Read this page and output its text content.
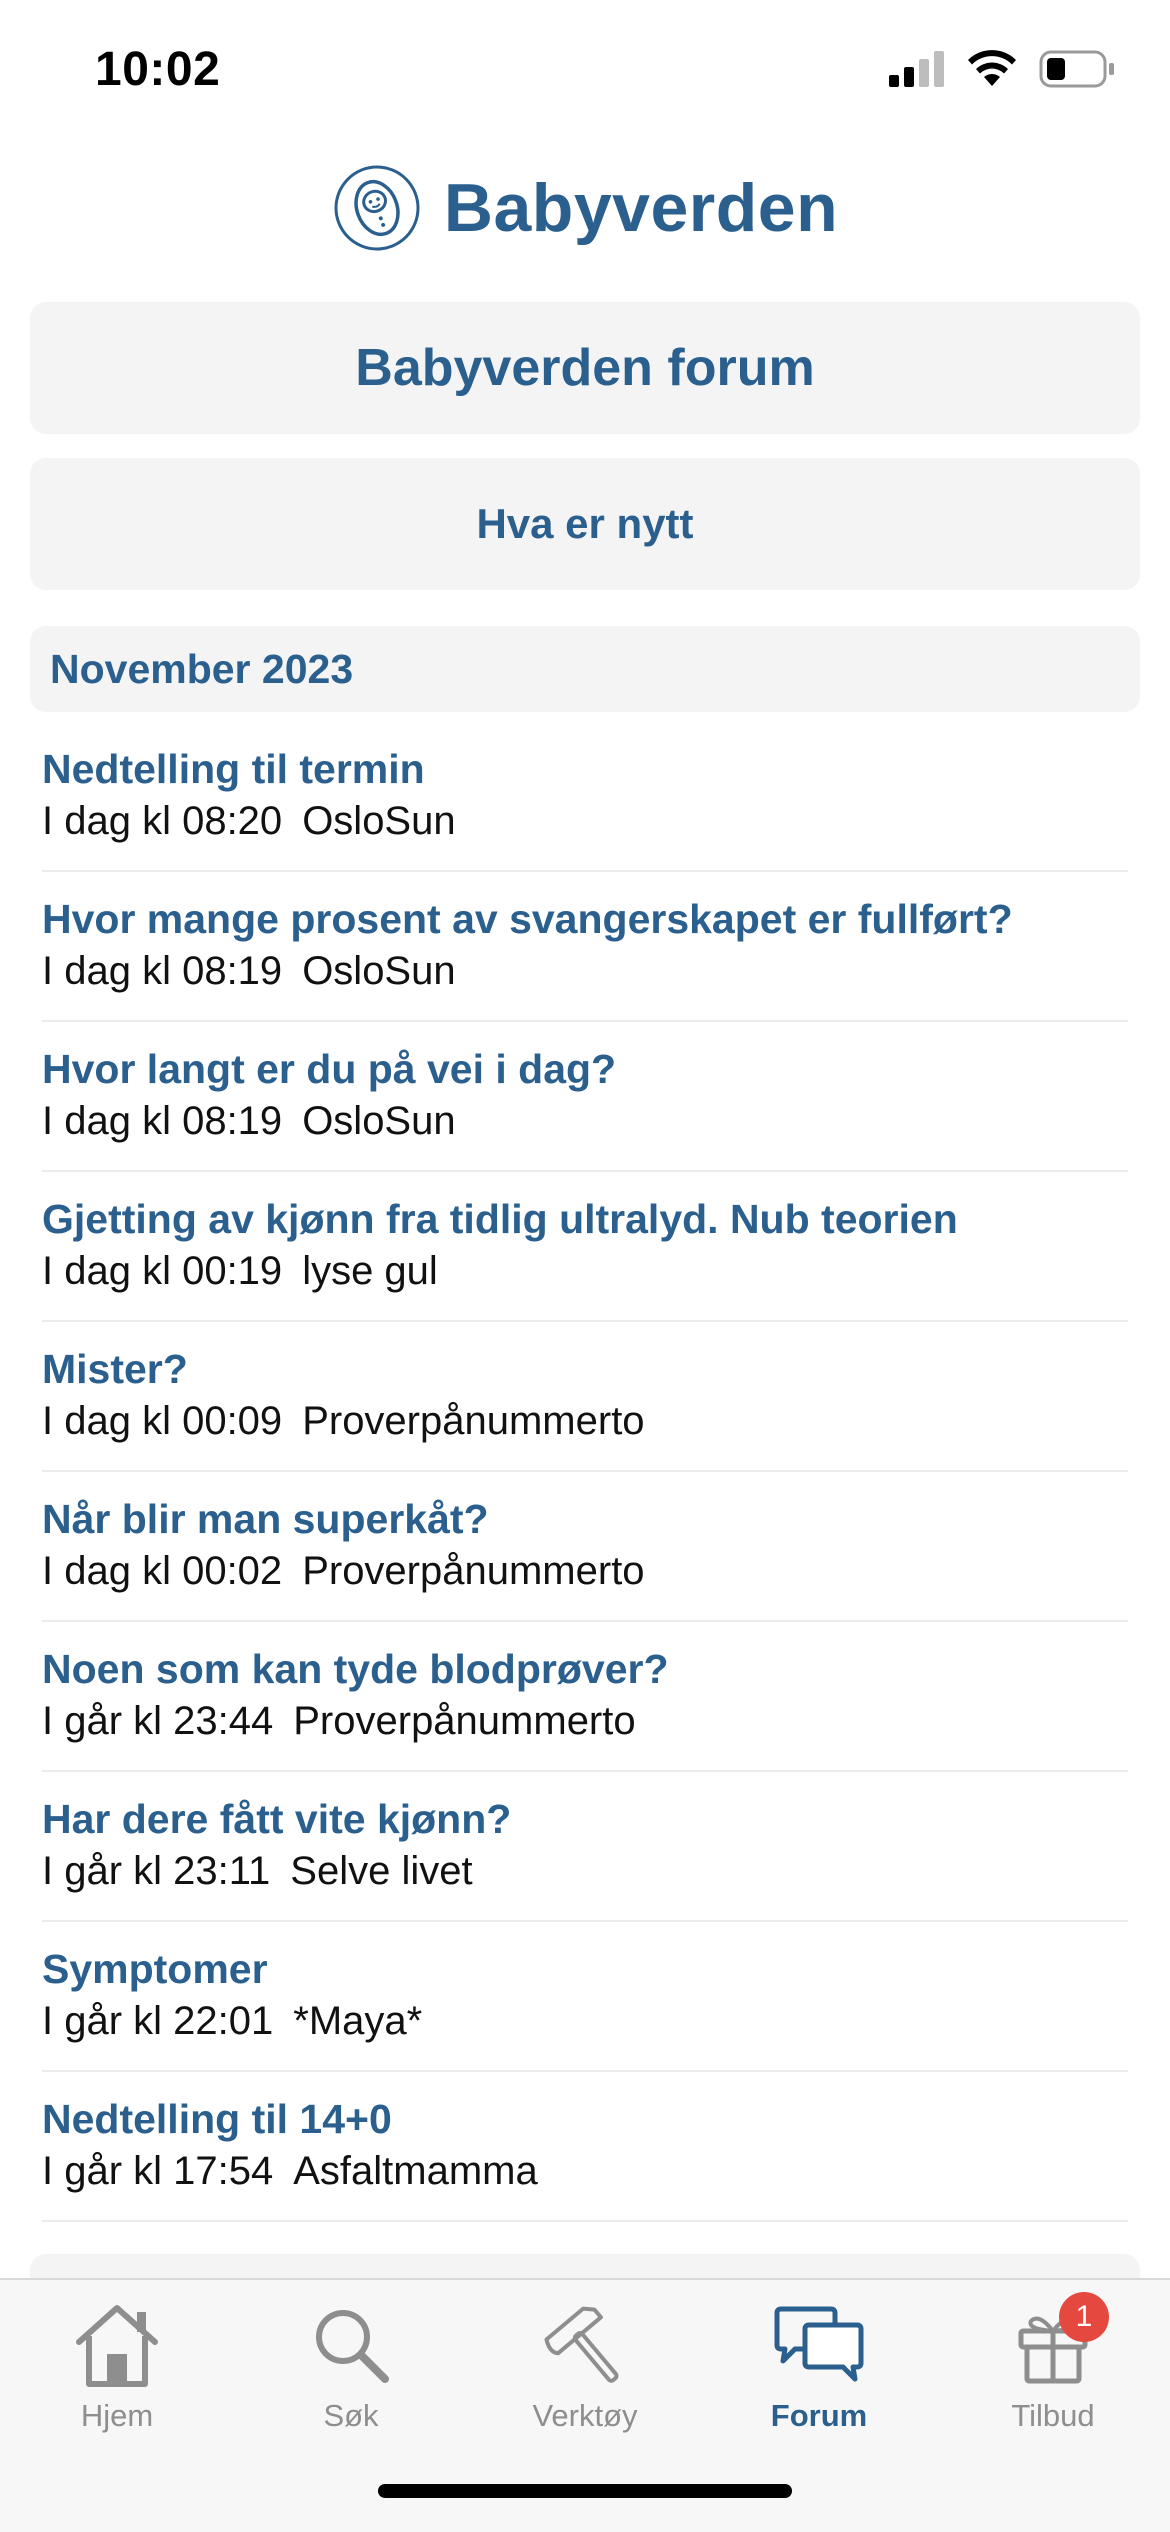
10:02
Babyverden
Babyverden forum
Hva er nytt
November 2023
Nedtelling til termin
I dag kl 08:20 OsloSun
Hvor mange prosent av svangerskapet er fullført?
I dag kl 08:19 OsloSun
Hvor langt er du på vei i dag?
I dag kl 08:19 OsloSun
Gjetting av kjønn fra tidlig ultralyd. Nub teorien
I dag kl 00:19 lyse gul
Mister?
I dag kl 00:09 Proverpånummerto
Når blir man superkåt?
I dag kl 00:02 Proverpånummerto
Noen som kan tyde blodprøver?
I går kl 23:44 Proverpånummerto
Har dere fått vite kjønn?
I går kl 23:11 Selve livet
Symptomer
I går kl 22:01 *Maya*
Nedtelling til 14+0
I går kl 17:54 Asfaltmamma
Hjem	Søk	Verktøy	Forum
1
Tilbud
